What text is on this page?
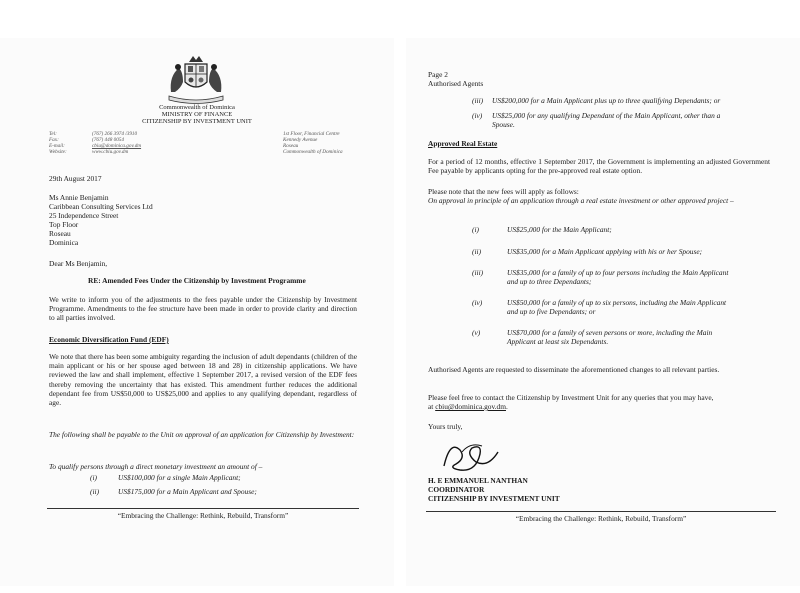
Commonwealth of Dominica
MINISTRY OF FINANCE
CITIZENSHIP BY INVESTMENT UNIT
Tel:	(767) 266 3974 /3910
Fax:	(767) 448 0054
E-mail:	cbiu@dominica.gov.dm
Website:	www.cbiu.gov.dm
1st Floor, Financial Centre
Kennedy Avenue
Roseau
Commonwealth of Dominica
29th August 2017
Ms Annie Benjamin
Caribbean Consulting Services Ltd
25 Independence Street
Top Floor
Roseau
Dominica
Dear Ms Benjamin,
RE: Amended Fees Under the Citizenship by Investment Programme
We write to inform you of the adjustments to the fees payable under the Citizenship by Investment Programme. Amendments to the fee structure have been made in order to provide clarity and direction to all parties involved.
Economic Diversification Fund (EDF)
We note that there has been some ambiguity regarding the inclusion of adult dependants (children of the main applicant or his or her spouse aged between 18 and 28) in citizenship applications. We have reviewed the law and shall implement, effective 1 September 2017, a revised version of the EDF fees thereby removing the uncertainty that has existed. This amendment further reduces the additional dependant fee from US$50,000 to US$25,000 and applies to any qualifying dependant, regardless of age.
The following shall be payable to the Unit on approval of an application for Citizenship by Investment:
To qualify persons through a direct monetary investment an amount of –
(i)	US$100,000 for a single Main Applicant;
(ii)	US$175,000 for a Main Applicant and Spouse;
“Embracing the Challenge: Rethink, Rebuild, Transform”
Page 2
Authorised Agents
(iii) US$200,000 for a Main Applicant plus up to three qualifying Dependants; or
(iv) US$25,000 for any qualifying Dependant of the Main Applicant, other than a
Spouse.
Approved Real Estate
For a period of 12 months, effective 1 September 2017, the Government is implementing an adjusted Government Fee payable by applicants opting for the pre-approved real estate option.
Please note that the new fees will apply as follows:
On approval in principle of an application through a real estate investment or other approved project –
(i)	US$25,000 for the Main Applicant;
(ii)	US$35,000 for a Main Applicant applying with his or her Spouse;
(iii)	US$35,000 for a family of up to four persons including the Main Applicant
and up to three Dependants;
(iv)	US$50,000 for a family of up to six persons, including the Main Applicant
and up to five Dependants; or
(v)	US$70,000 for a family of seven persons or more, including the Main
Applicant at least six Dependants.
Authorised Agents are requested to disseminate the aforementioned changes to all relevant parties.
Please feel free to contact the Citizenship by Investment Unit for any queries that you may have,
at cbiu@dominica.gov.dm.
Yours truly,
H. E EMMANUEL NANTHAN
COORDINATOR
CITIZENSHIP BY INVESTMENT UNIT
“Embracing the Challenge: Rethink, Rebuild, Transform”
